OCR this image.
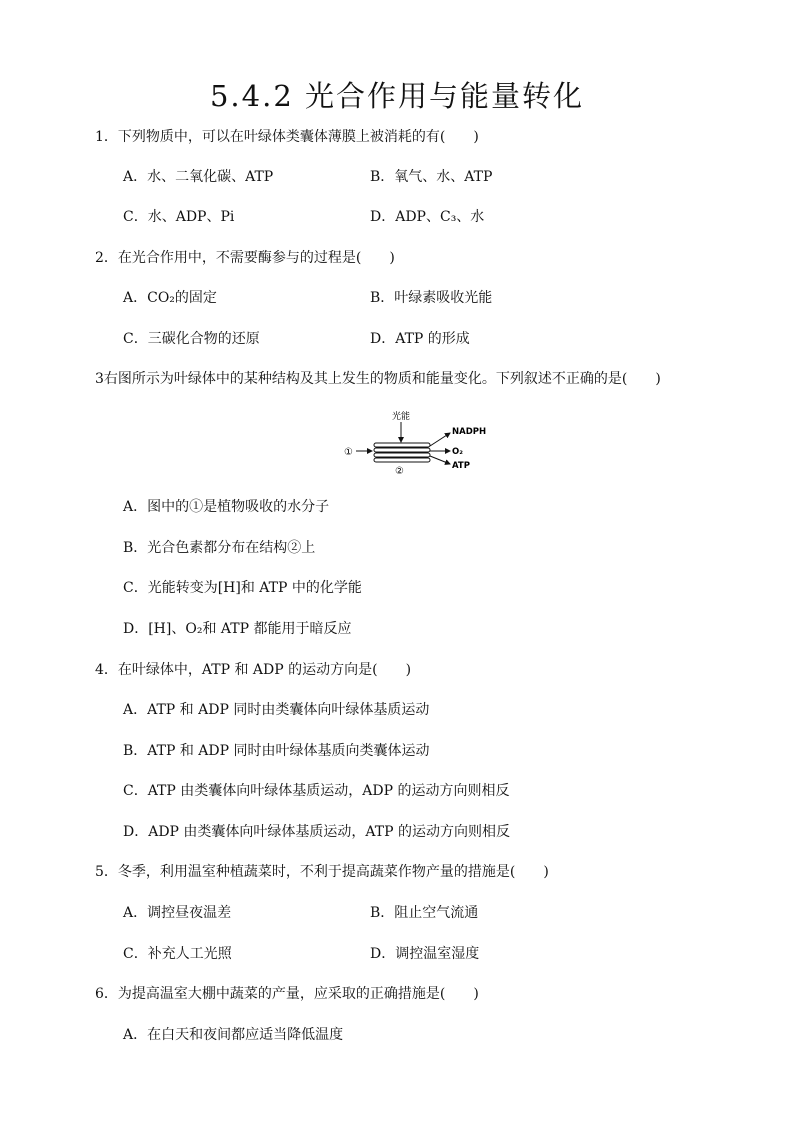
5.4.2 光合作用与能量转化
1．下列物质中，可以在叶绿体类囊体薄膜上被消耗的有(　　)
A．水、二氧化碳、ATP	B．氧气、水、ATP
C．水、ADP、Pi	D．ADP、C₃、水
2．在光合作用中，不需要酶参与的过程是(　　)
A．CO₂的固定	B．叶绿素吸收光能
C．三碳化合物的还原	D．ATP 的形成
3右图所示为叶绿体中的某种结构及其上发生的物质和能量变化。下列叙述不正确的是(　　)
光能
①
②
NADPH
O₂
ATP
A．图中的①是植物吸收的水分子
B．光合色素都分布在结构②上
C．光能转变为[H]和 ATP 中的化学能
D．[H]、O₂和 ATP 都能用于暗反应
4．在叶绿体中，ATP 和 ADP 的运动方向是(　　)
A．ATP 和 ADP 同时由类囊体向叶绿体基质运动
B．ATP 和 ADP 同时由叶绿体基质向类囊体运动
C．ATP 由类囊体向叶绿体基质运动，ADP 的运动方向则相反
D．ADP 由类囊体向叶绿体基质运动，ATP 的运动方向则相反
5．冬季，利用温室种植蔬菜时，不利于提高蔬菜作物产量的措施是(　　)
A．调控昼夜温差	B．阻止空气流通
C．补充人工光照	D．调控温室湿度
6．为提高温室大棚中蔬菜的产量，应采取的正确措施是(　　)
A．在白天和夜间都应适当降低温度
